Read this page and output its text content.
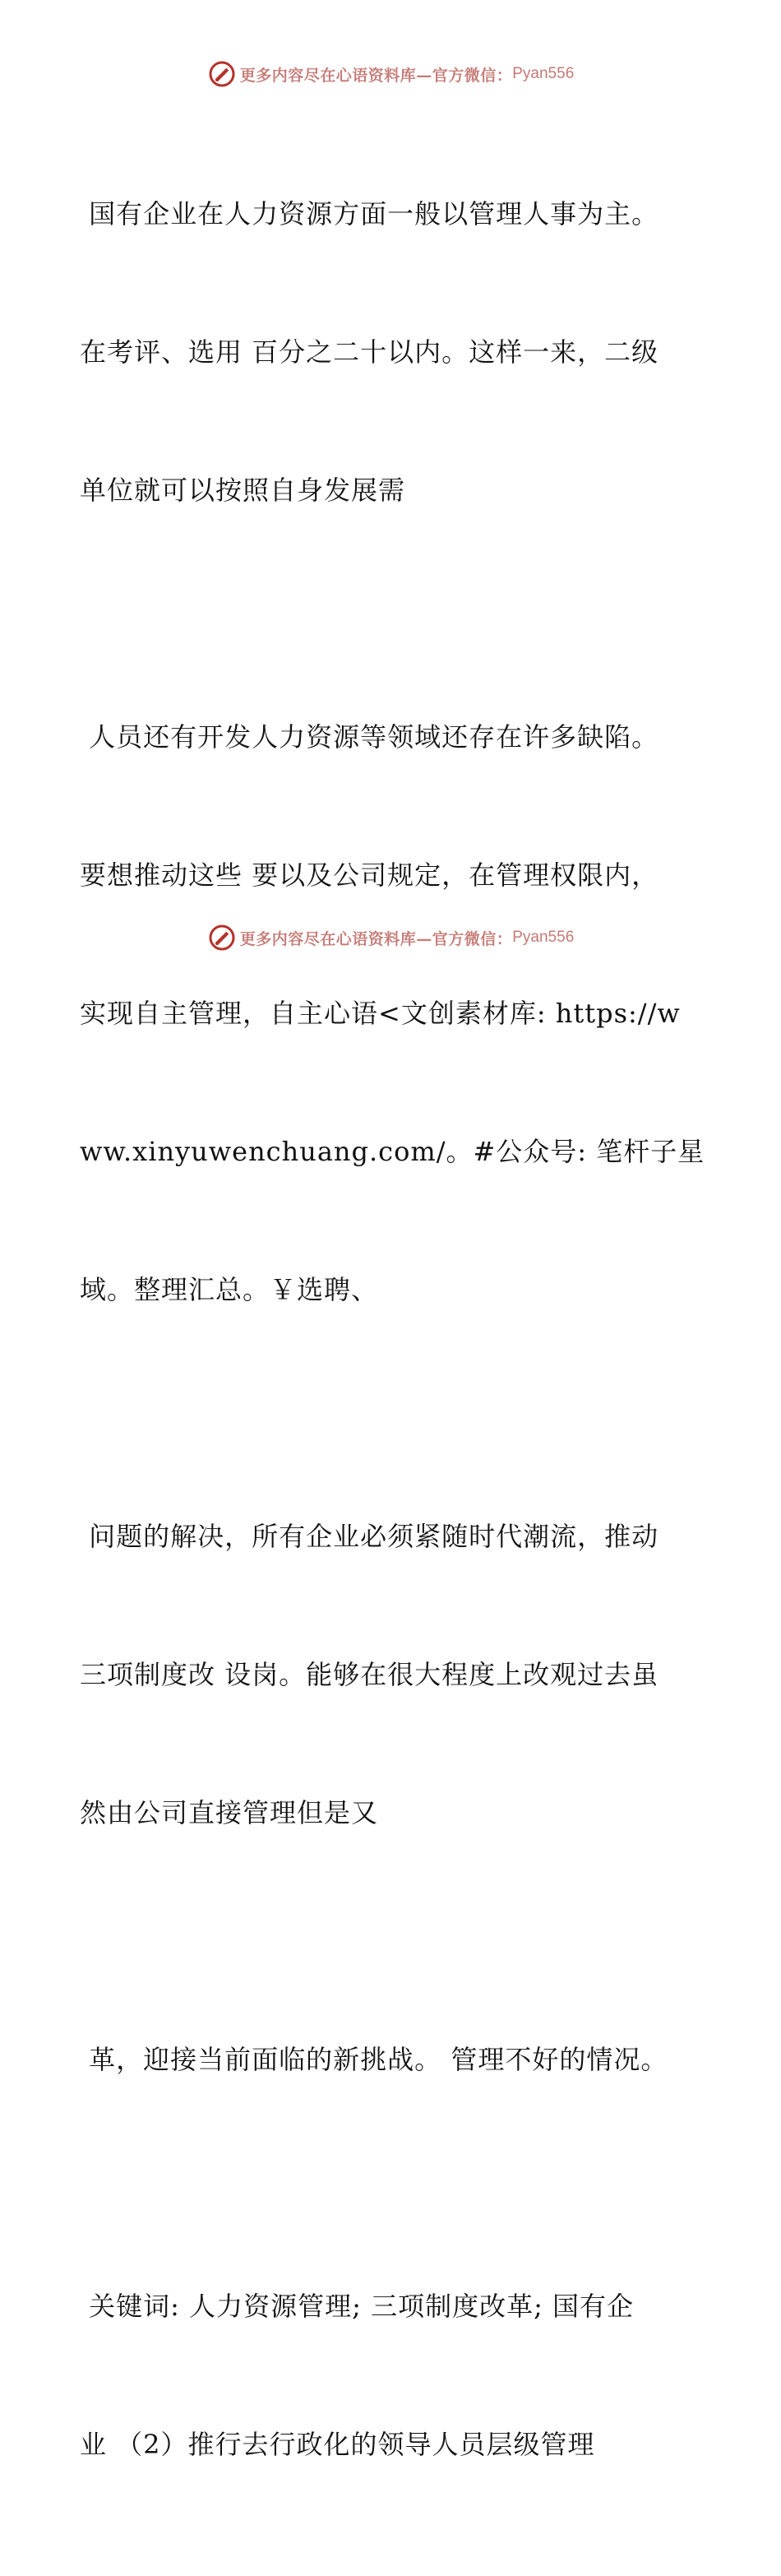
更多内容尽在心语资料库—官方微信： Pyan556

国有企业在人力资源方面一般以管理人事为主。

在考评、选用 百分之二十以内。这样一来，二级

单位就可以按照自身发展需

人员还有开发人力资源等领域还存在许多缺陷。

要想推动这些 要以及公司规定，在管理权限内，

实现自主管理，自主心语<文创素材库: https://w

ww.xinyuwenchuang.com/。#公众号: 笔杆子星

域。整理汇总。￥选聘、

问题的解决，所有企业必须紧随时代潮流，推动

三项制度改 设岗。能够在很大程度上改观过去虽

然由公司直接管理但是又

革，迎接当前面临的新挑战。 管理不好的情况。

关键词: 人力资源管理; 三项制度改革; 国有企

业 （2）推行去行政化的领导人员层级管理

更多内容尽在心语资料库—官方微信： Pyan556
